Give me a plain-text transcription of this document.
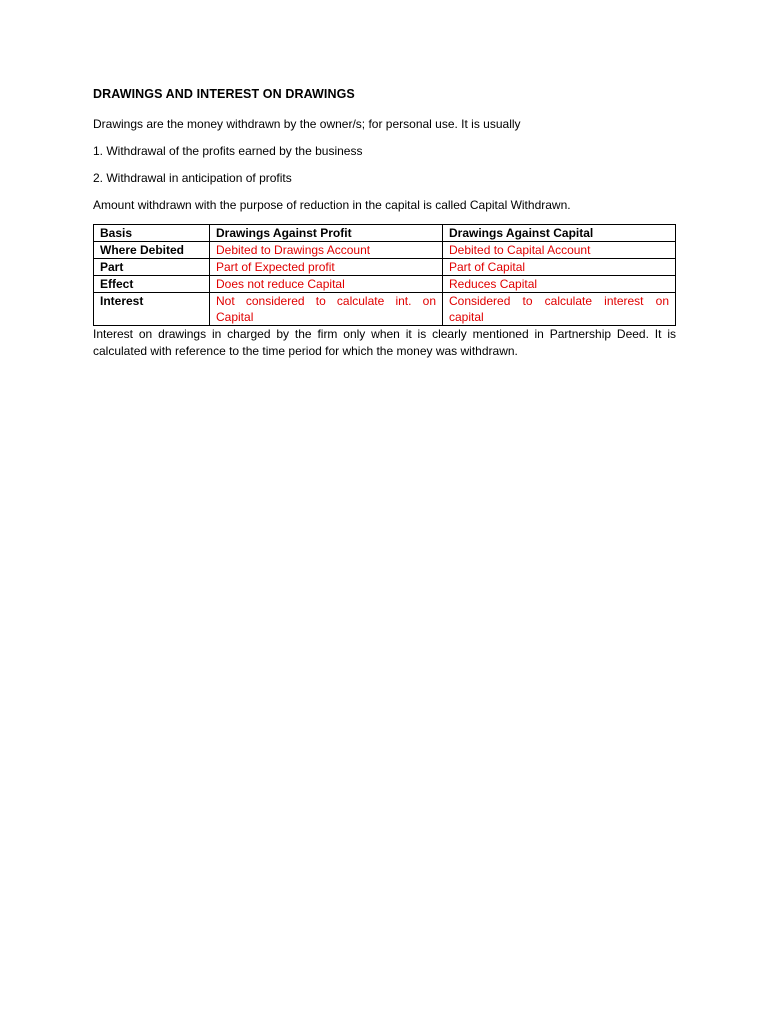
DRAWINGS AND INTEREST ON DRAWINGS

Drawings are the money withdrawn by the owner/s; for personal use. It is usually

1. Withdrawal of the profits earned by the business

2. Withdrawal in anticipation of profits

Amount withdrawn with the purpose of reduction in the capital is called Capital Withdrawn.

Basis	Drawings Against Profit	Drawings Against Capital
Where Debited	Debited to Drawings Account	Debited to Capital Account
Part	Part of Expected profit	Part of Capital
Effect	Does not reduce Capital	Reduces Capital
Interest	Not considered to calculate int. on Capital	Considered to calculate interest on capital

Interest on drawings in charged by the firm only when it is clearly mentioned in Partnership Deed. It is calculated with reference to the time period for which the money was withdrawn.
